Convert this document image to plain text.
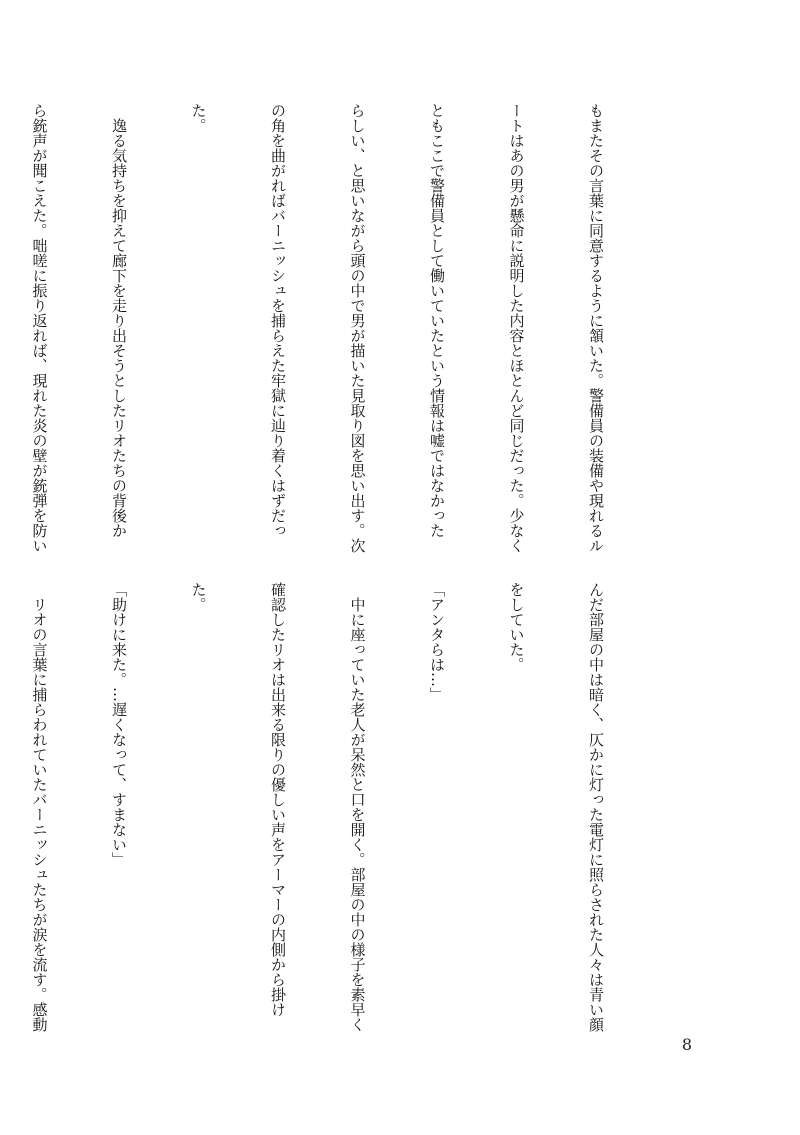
もまたその言葉に同意するように頷いた。警備員の装備や現れるル

ートはあの男が懸命に説明した内容とほとんど同じだった。少なく

ともここで警備員として働いていたという情報は嘘ではなかった

らしい、と思いながら頭の中で男が描いた見取り図を思い出す。次

の角を曲がればバーニッシュを捕らえた牢獄に辿り着くはずだっ

た。

　逸る気持ちを抑えて廊下を走り出そうとしたリオたちの背後か

ら銃声が聞こえた。咄嗟に振り返れば、現れた炎の壁が銃弾を防い

んだ部屋の中は暗く、仄かに灯った電灯に照らされた人々は青い顔

をしていた。

「アンタらは…」

　中に座っていた老人が呆然と口を開く。部屋の中の様子を素早く

確認したリオは出来る限りの優しい声をアーマーの内側から掛け

た。

「助けに来た。…遅くなって、すまない」

　リオの言葉に捕らわれていたバーニッシュたちが涙を流す。感動

8
